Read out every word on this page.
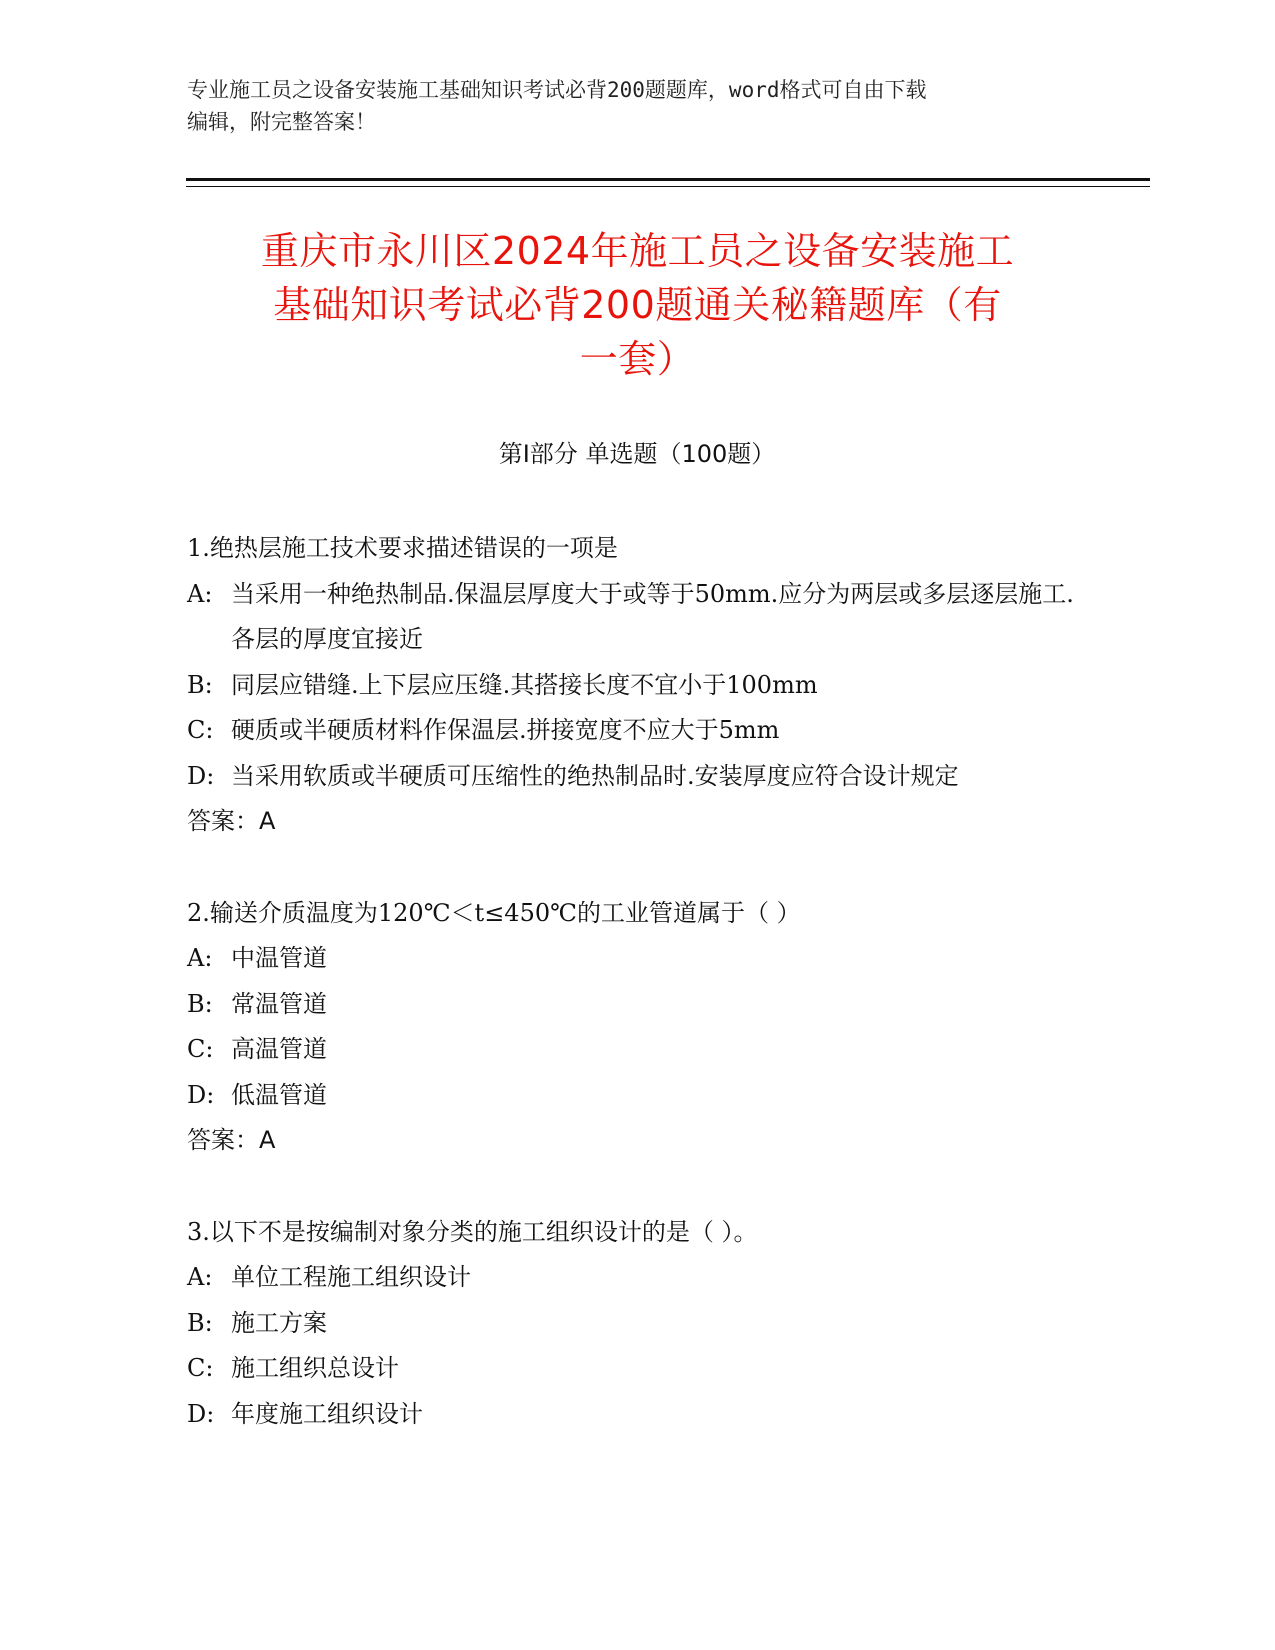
专业施工员之设备安装施工基础知识考试必背200题题库，word格式可自由下载
编辑，附完整答案！
重庆市永川区2024年施工员之设备安装施工
基础知识考试必背200题通关秘籍题库（有
一套）
第Ⅰ部分 单选题（100题）
1.绝热层施工技术要求描述错误的一项是
A: 当采用一种绝热制品.保温层厚度大于或等于50mm.应分为两层或多层逐层施工.各层的厚度宜接近
B: 同层应错缝.上下层应压缝.其搭接长度不宜小于100mm
C: 硬质或半硬质材料作保温层.拼接宽度不应大于5mm
D: 当采用软质或半硬质可压缩性的绝热制品时.安装厚度应符合设计规定
答案：A
2.输送介质温度为120℃＜t≤450℃的工业管道属于（ ）
A: 中温管道
B: 常温管道
C: 高温管道
D: 低温管道
答案：A
3.以下不是按编制对象分类的施工组织设计的是（ ）。
A: 单位工程施工组织设计
B: 施工方案
C: 施工组织总设计
D: 年度施工组织设计
